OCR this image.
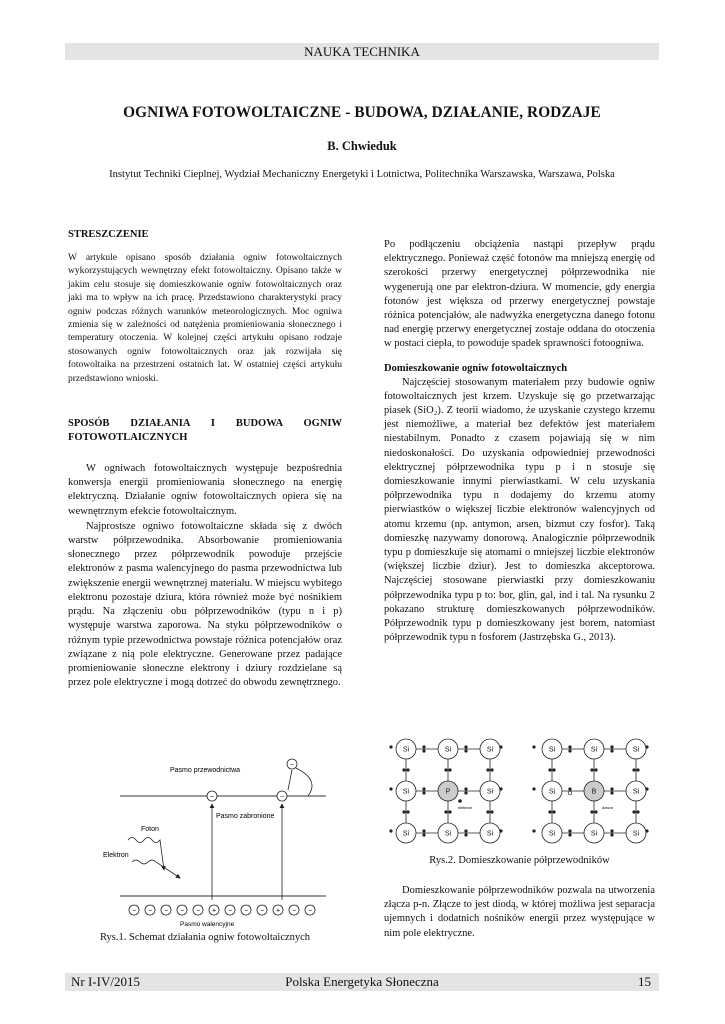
NAUKA TECHNIKA
OGNIWA FOTOWOLTAICZNE - BUDOWA, DZIAŁANIE, RODZAJE
B. Chwieduk
Instytut Techniki Cieplnej, Wydział Mechaniczny Energetyki i Lotnictwa, Politechnika Warszawska, Warszawa, Polska
STRESZCZENIE

W artykule opisano sposób działania ogniw fotowoltaicznych wykorzystujących wewnętrzny efekt fotowoltaiczny. Opisano także w jakim celu stosuje się domieszkowanie ogniw fotowoltaicznych oraz jaki ma to wpływ na ich pracę. Przedstawiono charakterystyki pracy ogniw podczas różnych warunków meteorologicznych. Moc ogniwa zmienia się w zależności od natężenia promieniowania słonecznego i temperatury otoczenia. W kolejnej części artykułu opisano rodzaje stosowanych ogniw fotowoltaicznych oraz jak rozwijała się fotowoltaika na przestrzeni ostatnich lat. W ostatniej części artykułu przedstawiono wnioski.

SPOSÓB DZIAŁANIA I BUDOWA OGNIW FOTOWOTLAICZNYCH

W ogniwach fotowoltaicznych występuje bezpośrednia konwersja energii promieniowania słonecznego na energię elektryczną. Działanie ogniw fotowoltaicznych opiera się na wewnętrznym efekcie fotowoltaicznym.

Najprostsze ogniwo fotowoltaiczne składa się z dwóch warstw półprzewodnika. Absorbowanie promieniowania słonecznego przez półprzewodnik powoduje przejście elektronów z pasma walencyjnego do pasma przewodnictwa lub zwiększenie energii wewnętrznej materiału. W miejscu wybitego elektronu pozostaje dziura, która również może być nośnikiem prądu. Na złączeniu obu półprzewodników (typu n i p) występuje warstwa zaporowa. Na styku półprzewodników o różnym typie przewodnictwa powstaje różnica potencjałów oraz związane z nią pole elektryczne. Generowane przez padające promieniowanie słoneczne elektrony i dziury rozdzielane są przez pole elektryczne i mogą dotrzeć do obwodu zewnętrznego.

Pasmo przewodnictwa
Pasmo zabronione
Foton
Elektron
Pasmo walencyjne
−	−
−
− − − − − + − − − + − −
Rys.1. Schemat działania ogniw fotowoltaicznych

Po podłączeniu obciążenia nastąpi przepływ prądu elektrycznego. Ponieważ część fotonów ma mniejszą energię od szerokości przerwy energetycznej półprzewodnika nie wygenerują one par elektron-dziura. W momencie, gdy energia fotonów jest większa od przerwy energetycznej powstaje różnica potencjałów, ale nadwyżka energetyczna danego fotonu nad energię przerwy energetycznej zostaje oddana do otoczenia w postaci ciepła, to powoduje spadek sprawności fotoogniwa.

Domieszkowanie ogniw fotowoltaicznych

Najczęściej stosowanym materiałem przy budowie ogniw fotowoltaicznych jest krzem. Uzyskuje się go przetwarzając piasek (SiO₂). Z teorii wiadomo, że uzyskanie czystego krzemu jest niemożliwe, a materiał bez defektów jest materiałem niestabilnym. Ponadto z czasem pojawiają się w nim niedoskonałości. Do uzyskania odpowiedniej przewodności elektrycznej półprzewodnika typu p i n stosuje się domieszkowanie innymi pierwiastkami. W celu uzyskania półprzewodnika typu n dodajemy do krzemu atomy pierwiastków o większej liczbie elektronów walencyjnych od atomu krzemu (np. antymon, arsen, bizmut czy fosfor). Taką domieszkę nazywamy donorową. Analogicznie półprzewodnik typu p domieszkuje się atomami o mniejszej liczbie elektronów (większej liczbie dziur). Jest to domieszka akceptorowa. Najczęściej stosowane pierwiastki przy domieszkowaniu półprzewodnika typu p to: bor, glin, gal, ind i tal. Na rysunku 2 pokazano strukturę domieszkowanych półprzewodników. Półprzewodnik typu p domieszkowany jest borem, natomiast półprzewodnik typu n fosforem (Jastrzębska G., 2013).

Si	Si	Si
Si	P	Si
Si	Si	Si
Si	Si	Si
Si	B	Si
Si	Si	Si
elektron	dziura
Rys.2. Domieszkowanie półprzewodników

Domieszkowanie półprzewodników pozwala na utworzenia złącza p-n. Złącze to jest diodą, w której możliwa jest separacja ujemnych i dodatnich nośników energii przez występujące w nim pole elektryczne.

Nr I-IV/2015	Polska Energetyka Słoneczna	15
